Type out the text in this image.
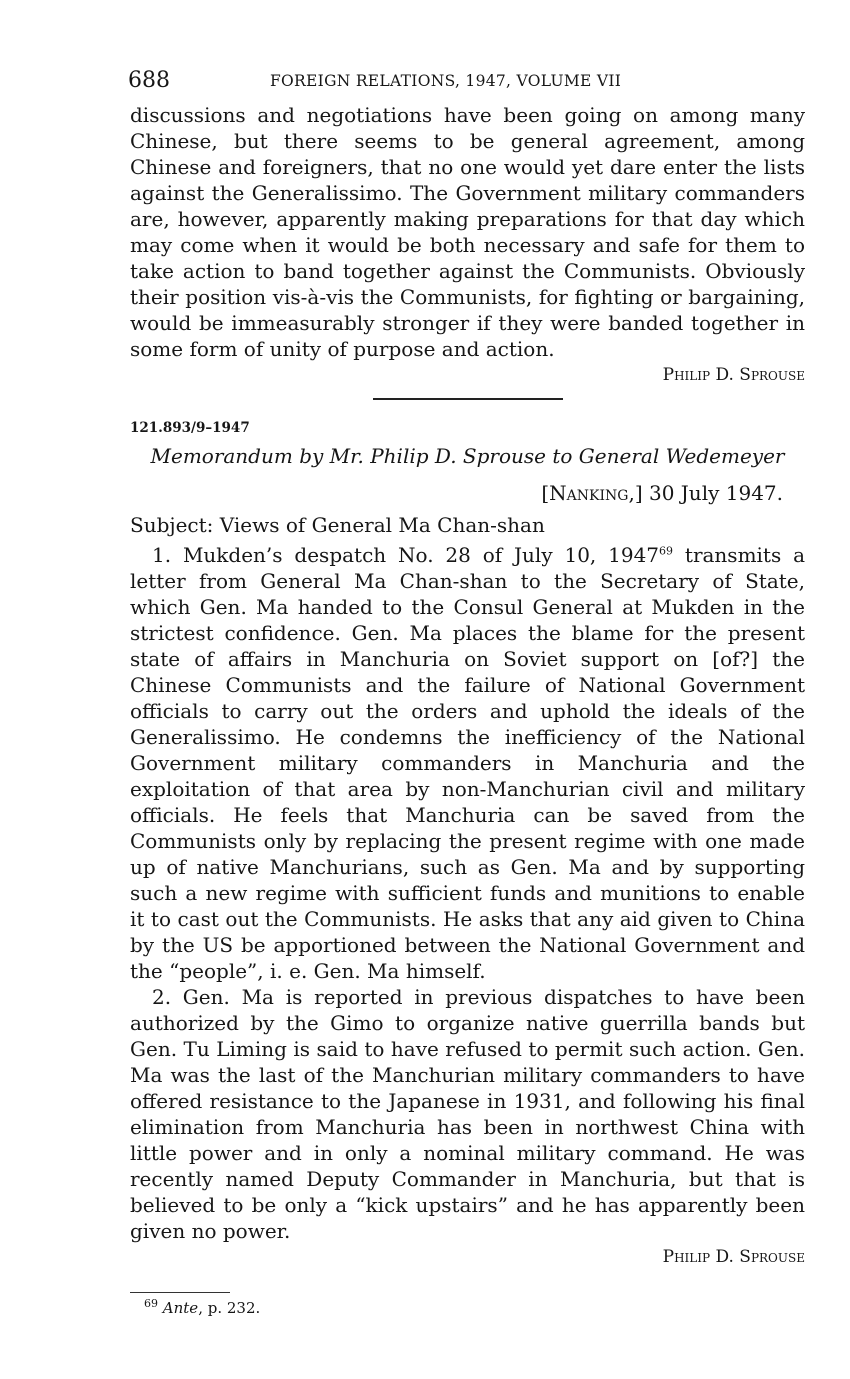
688	FOREIGN RELATIONS, 1947, VOLUME VII

discussions and negotiations have been going on among many Chinese, but there seems to be general agreement, among Chinese and foreigners, that no one would yet dare enter the lists against the Generalissimo. The Government military commanders are, however, apparently making preparations for that day which may come when it would be both necessary and safe for them to take action to band together against the Communists. Obviously their position vis-à-vis the Communists, for fighting or bargaining, would be immeasurably stronger if they were banded together in some form of unity of purpose and action.

Philip D. Sprouse

121.893/9–1947

Memorandum by Mr. Philip D. Sprouse to General Wedemeyer

[Nanking,] 30 July 1947.

Subject: Views of General Ma Chan-shan

1. Mukden’s despatch No. 28 of July 10, 1947$^{69}$ transmits a letter from General Ma Chan-shan to the Secretary of State, which Gen. Ma handed to the Consul General at Mukden in the strictest confidence. Gen. Ma places the blame for the present state of affairs in Manchuria on Soviet support on [of?] the Chinese Communists and the failure of National Government officials to carry out the orders and uphold the ideals of the Generalissimo. He condemns the inefficiency of the National Government military commanders in Manchuria and the exploitation of that area by non-Manchurian civil and military officials. He feels that Manchuria can be saved from the Communists only by replacing the present regime with one made up of native Manchurians, such as Gen. Ma and by supporting such a new regime with sufficient funds and munitions to enable it to cast out the Communists. He asks that any aid given to China by the US be apportioned between the National Government and the “people”, i. e. Gen. Ma himself.

2. Gen. Ma is reported in previous dispatches to have been authorized by the Gimo to organize native guerrilla bands but Gen. Tu Liming is said to have refused to permit such action. Gen. Ma was the last of the Manchurian military commanders to have offered resistance to the Japanese in 1931, and following his final elimination from Manchuria has been in northwest China with little power and in only a nominal military command. He was recently named Deputy Commander in Manchuria, but that is believed to be only a “kick upstairs” and he has apparently been given no power.

Philip D. Sprouse

$^{69}$ Ante, p. 232.
